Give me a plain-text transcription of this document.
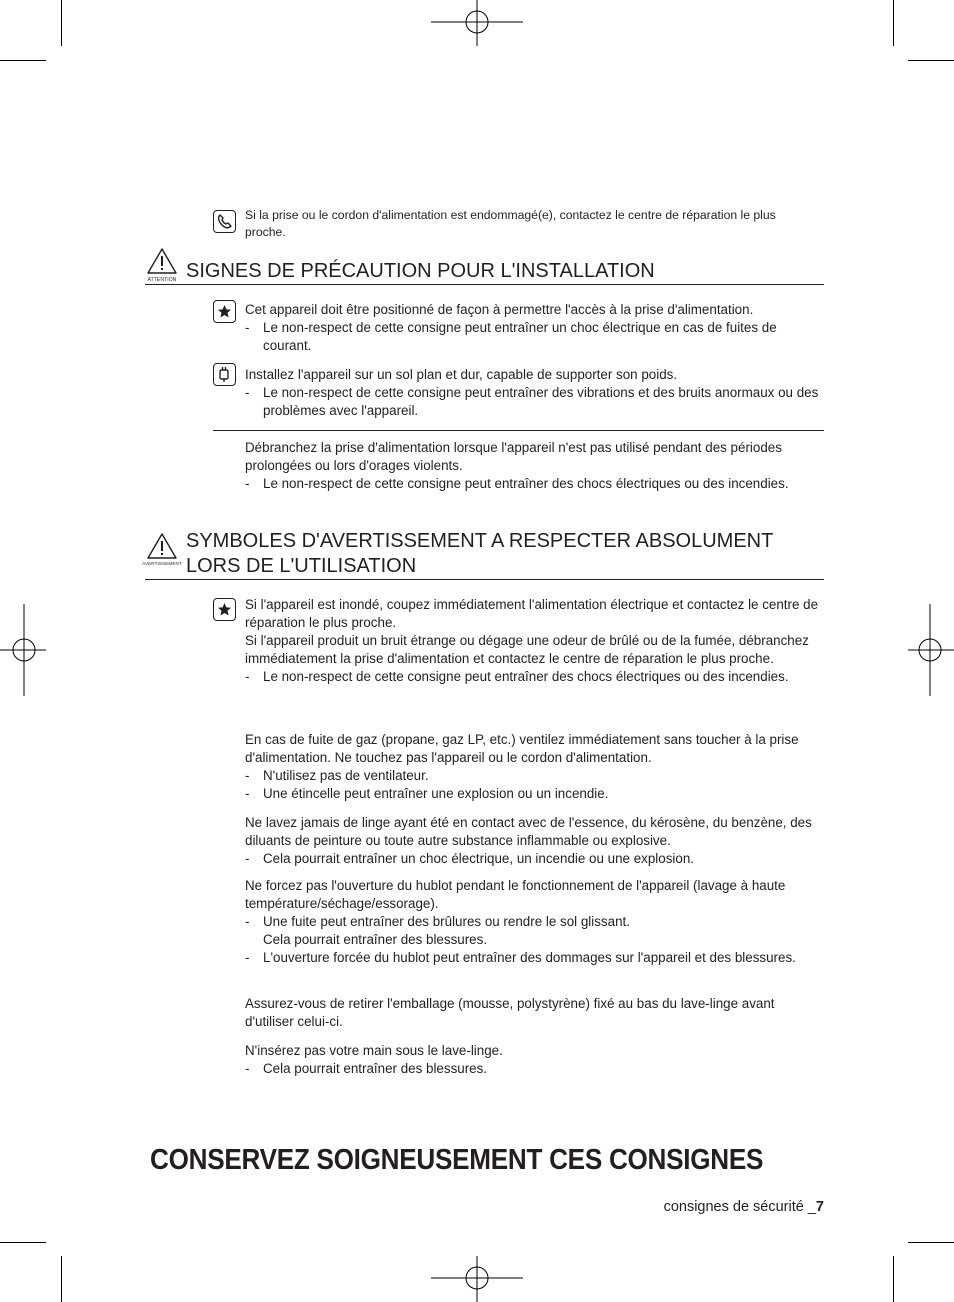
Si la prise ou le cordon d'alimentation est endommagé(e), contactez le centre de réparation le plus proche.

ATTENTION SIGNES DE PRÉCAUTION POUR L'INSTALLATION
Cet appareil doit être positionné de façon à permettre l'accès à la prise d'alimentation.
-	Le non-respect de cette consigne peut entraîner un choc électrique en cas de fuites de courant.
Installez l'appareil sur un sol plan et dur, capable de supporter son poids.
-	Le non-respect de cette consigne peut entraîner des vibrations et des bruits anormaux ou des problèmes avec l'appareil.
Débranchez la prise d'alimentation lorsque l'appareil n'est pas utilisé pendant des périodes prolongées ou lors d'orages violents.
-	Le non-respect de cette consigne peut entraîner des chocs électriques ou des incendies.
AVERTISSEMENT
SYMBOLES D'AVERTISSEMENT A RESPECTER ABSOLUMENT
LORS DE L'UTILISATION
Si l'appareil est inondé, coupez immédiatement l'alimentation électrique et contactez le centre de réparation le plus proche.
Si l'appareil produit un bruit étrange ou dégage une odeur de brûlé ou de la fumée, débranchez immédiatement la prise d'alimentation et contactez le centre de réparation le plus proche.
-	Le non-respect de cette consigne peut entraîner des chocs électriques ou des incendies.
En cas de fuite de gaz (propane, gaz LP, etc.) ventilez immédiatement sans toucher à la prise d'alimentation. Ne touchez pas l'appareil ou le cordon d'alimentation.
-	N'utilisez pas de ventilateur.
-	Une étincelle peut entraîner une explosion ou un incendie.
Ne lavez jamais de linge ayant été en contact avec de l'essence, du kérosène, du benzène, des diluants de peinture ou toute autre substance inflammable ou explosive.
-	Cela pourrait entraîner un choc électrique, un incendie ou une explosion.
Ne forcez pas l'ouverture du hublot pendant le fonctionnement de l'appareil (lavage à haute température/séchage/essorage).
-	Une fuite peut entraîner des brûlures ou rendre le sol glissant.
Cela pourrait entraîner des blessures.
-	L'ouverture forcée du hublot peut entraîner des dommages sur l'appareil et des blessures.
Assurez-vous de retirer l'emballage (mousse, polystyrène) fixé au bas du lave-linge avant d'utiliser celui-ci.
N'insérez pas votre main sous le lave-linge.
-	Cela pourrait entraîner des blessures.
CONSERVEZ SOIGNEUSEMENT CES CONSIGNES
consignes de sécurité _7
